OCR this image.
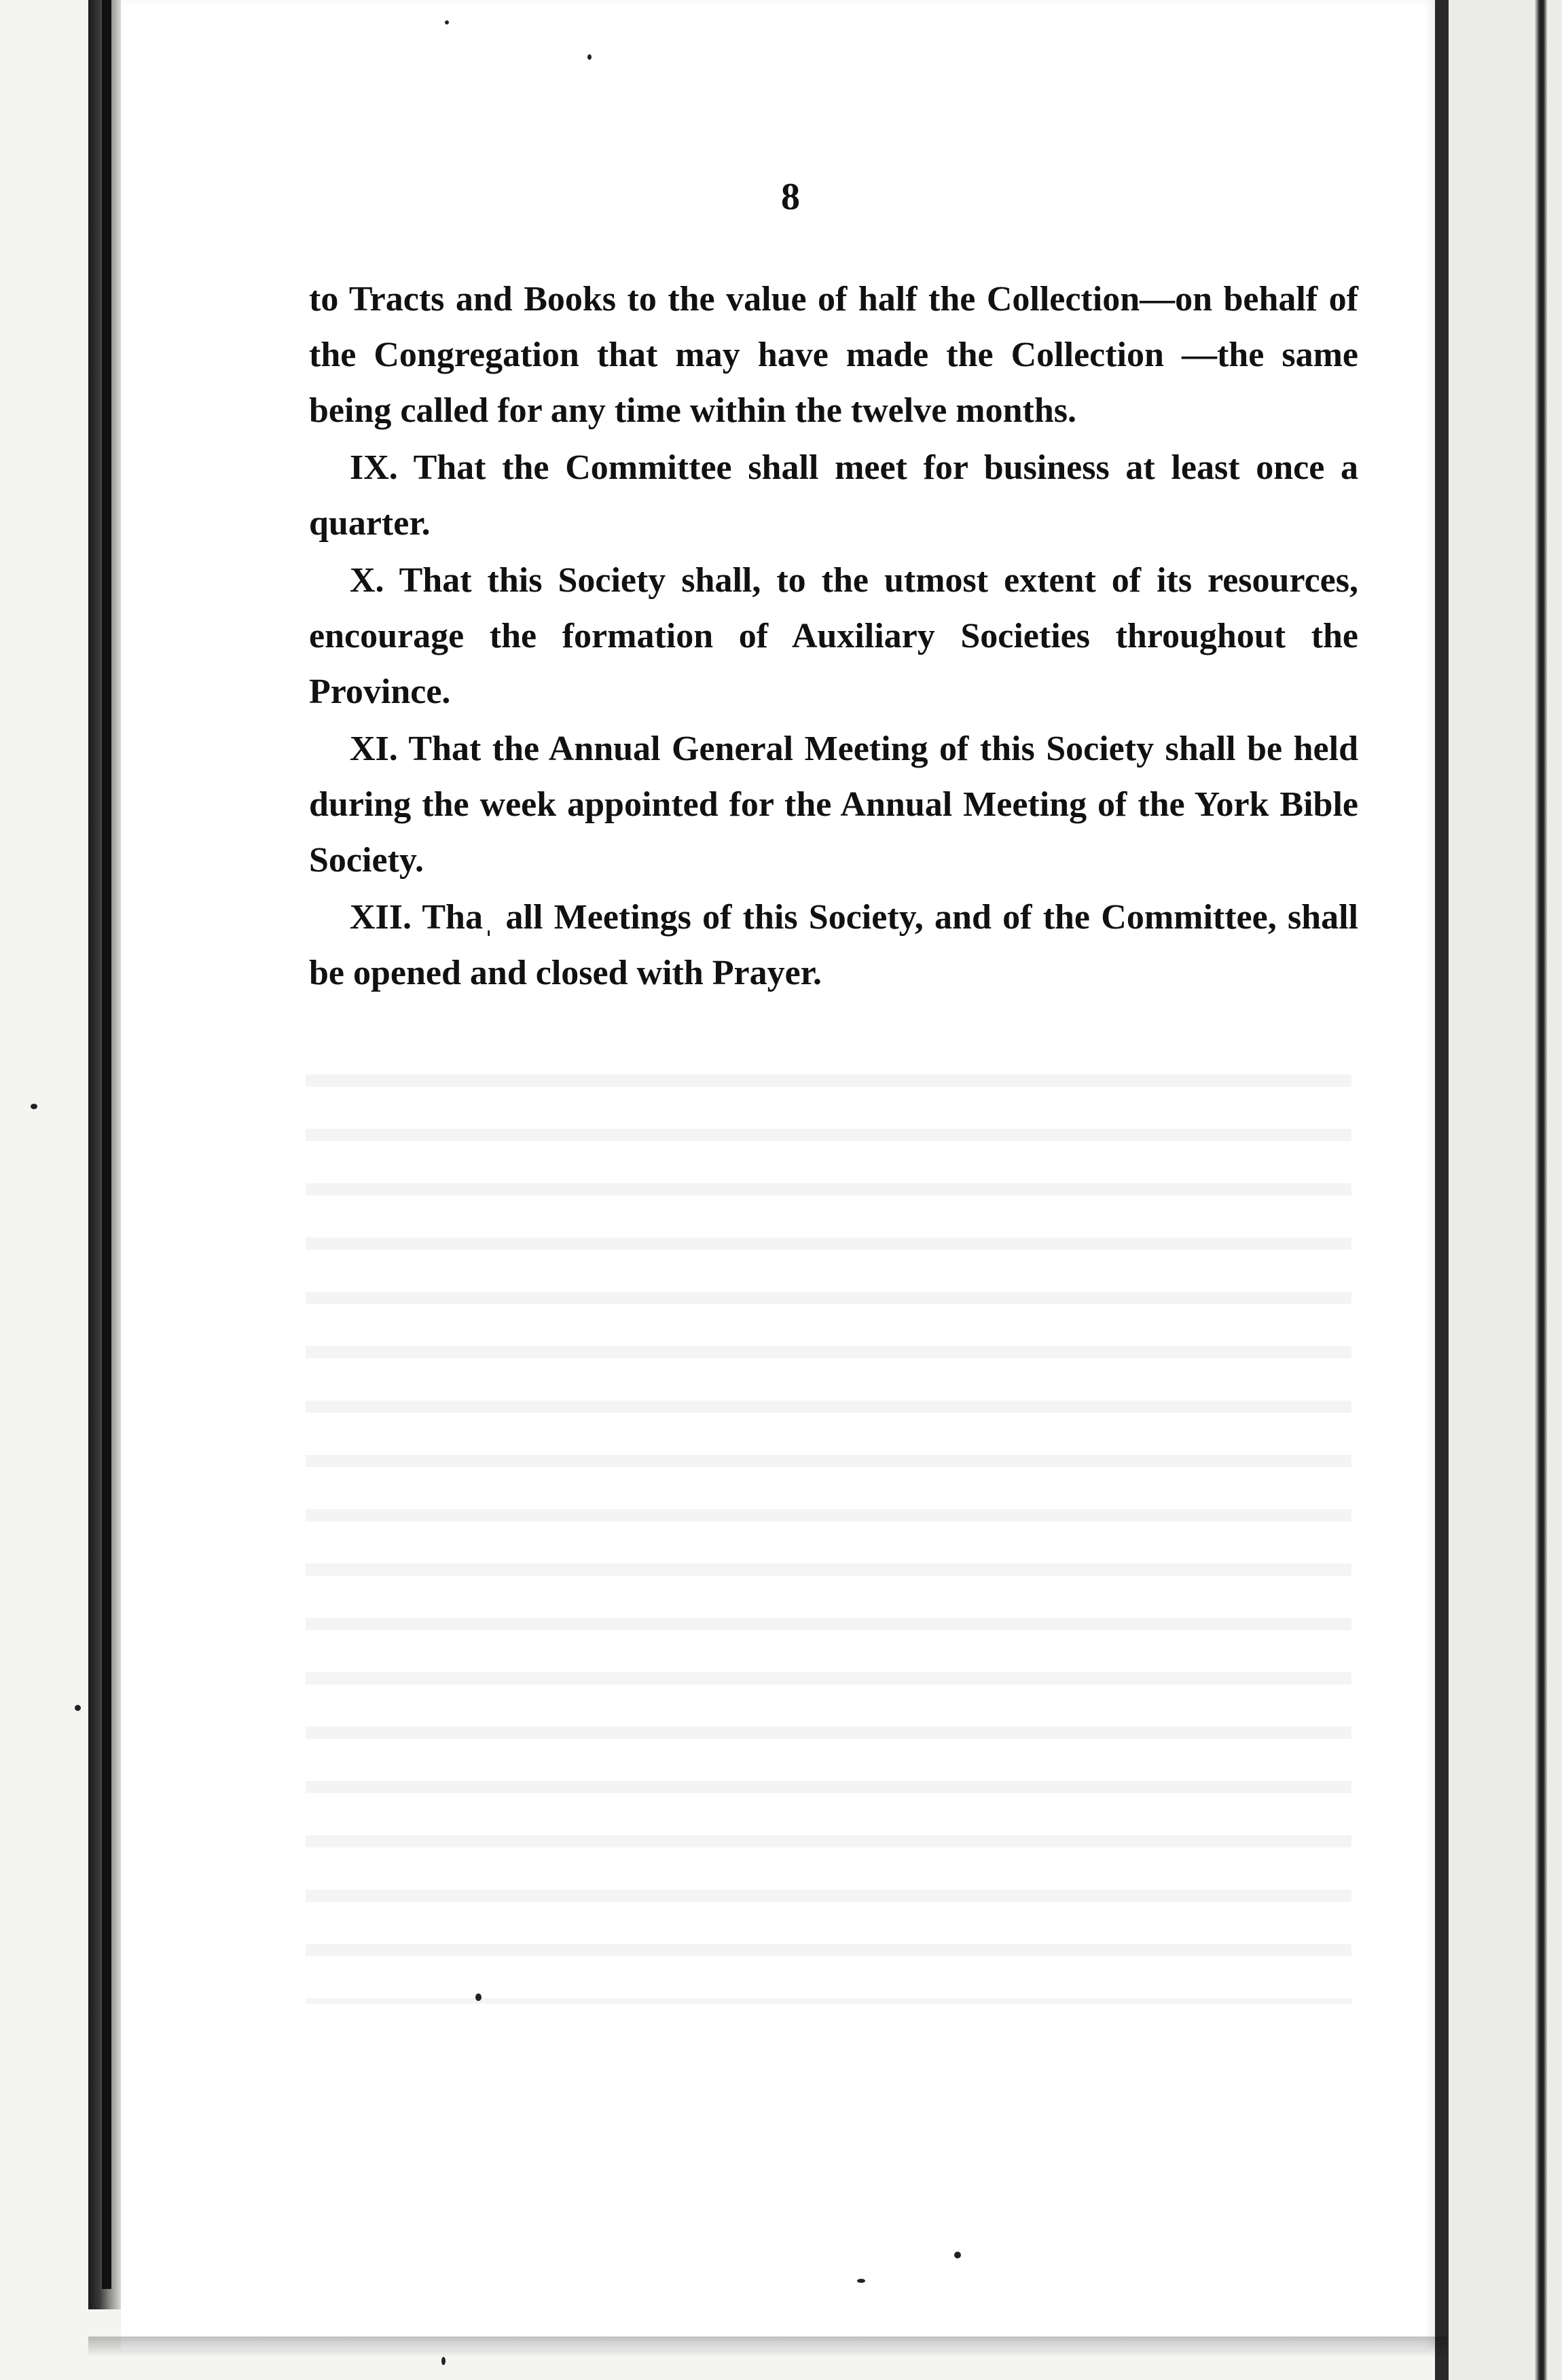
8

to Tracts and Books to the value of half the Collection—on behalf of the Congregation that may have made the Collection —the same being called for any time within the twelve months.

IX. That the Committee shall meet for business at least once a quarter.

X. That this Society shall, to the utmost extent of its resources, encourage the formation of Auxiliary Societies throughout the Province.

XI. That the Annual General Meeting of this Society shall be held during the week appointed for the Annual Meeting of the York Bible Society.

XII. Thaˌ all Meetings of this Society, and of the Committee, shall be opened and closed with Prayer.
